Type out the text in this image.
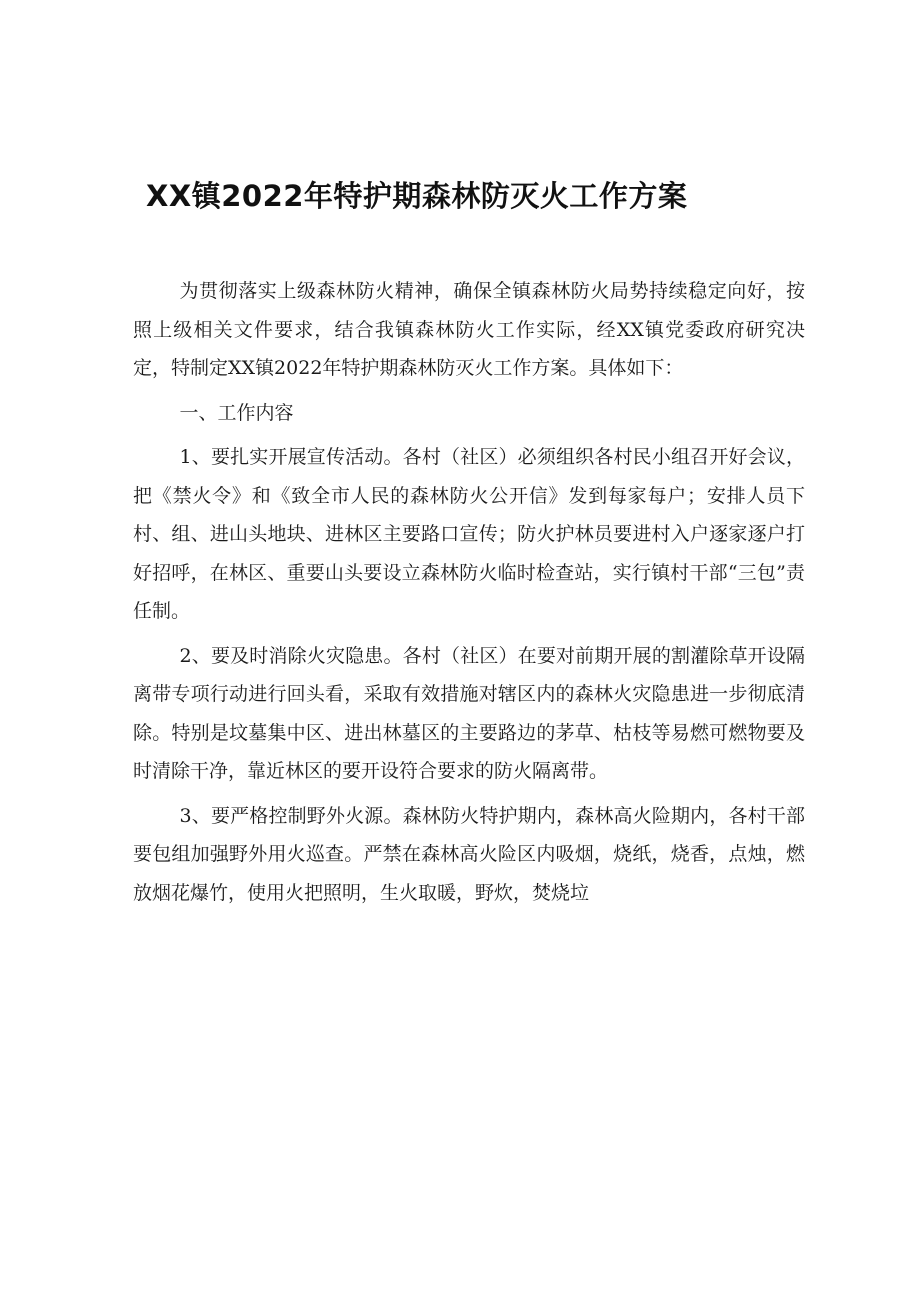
XX镇2022年特护期森林防灭火工作方案

为贯彻落实上级森林防火精神，确保全镇森林防火局势持续稳定向好，按照上级相关文件要求，结合我镇森林防火工作实际，经XX镇党委政府研究决定，特制定XX镇2022年特护期森林防灭火工作方案。具体如下：

一、工作内容

1、要扎实开展宣传活动。各村（社区）必须组织各村民小组召开好会议，把《禁火令》和《致全市人民的森林防火公开信》发到每家每户；安排人员下村、组、进山头地块、进林区主要路口宣传；防火护林员要进村入户逐家逐户打好招呼，在林区、重要山头要设立森林防火临时检查站，实行镇村干部“三包”责任制。

2、要及时消除火灾隐患。各村（社区）在要对前期开展的割灌除草开设隔离带专项行动进行回头看，采取有效措施对辖区内的森林火灾隐患进一步彻底清除。特别是坟墓集中区、进出林墓区的主要路边的茅草、枯枝等易燃可燃物要及时清除干净，靠近林区的要开设符合要求的防火隔离带。

3、要严格控制野外火源。森林防火特护期内，森林高火险期内，各村干部要包组加强野外用火巡查。严禁在森林高火险区内吸烟，烧纸，烧香，点烛，燃放烟花爆竹，使用火把照明，生火取暖，野炊，焚烧垃
